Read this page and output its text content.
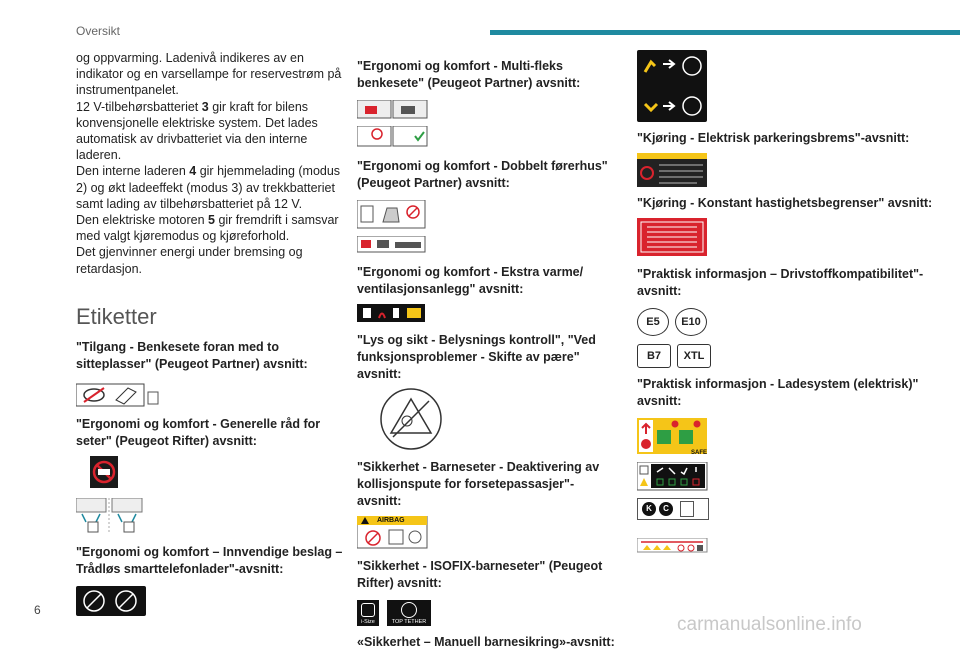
Oversikt

og oppvarming. Ladenivå indikeres av en indikator og en varsellampe for reservestrøm på instrumentpanelet.

12 V-tilbehørsbatteriet 3 gir kraft for bilens konvensjonelle elektriske system. Det lades automatisk av drivbatteriet via den interne laderen.

Den interne laderen 4 gir hjemmelading (modus 2) og økt ladeeffekt (modus 3) av trekkbatteriet samt lading av tilbehørsbatteriet på 12 V.

Den elektriske motoren 5 gir fremdrift i samsvar med valgt kjøremodus og kjøreforhold.

Det gjenvinner energi under bremsing og retardasjon.

Etiketter

"Tilgang - Benkesete foran med to sitteplasser" (Peugeot Partner) avsnitt:

"Ergonomi og komfort - Generelle råd for seter" (Peugeot Rifter) avsnitt:

"Ergonomi og komfort – Innvendige beslag – Trådløs smarttelefonlader"-avsnitt:

"Ergonomi og komfort - Multi-fleks benkesete" (Peugeot Partner) avsnitt:

"Ergonomi og komfort - Dobbelt førerhus" (Peugeot Partner) avsnitt:

"Ergonomi og komfort - Ekstra varme/ ventilasjonsanlegg" avsnitt:

"Lys og sikt - Belysnings kontroll", "Ved funksjonsproblemer - Skifte av pære" avsnitt:

"Sikkerhet - Barneseter - Deaktivering av kollisjonspute for forsetepassasjer"-avsnitt:

AIRBAG

"Sikkerhet - ISOFIX-barneseter" (Peugeot Rifter) avsnitt:

i-Size	TOP TETHER

«Sikkerhet – Manuell barnesikring»-avsnitt:

"Kjøring - Elektrisk parkeringsbrems"-avsnitt:

"Kjøring - Konstant hastighetsbegrenser" avsnitt:

"Praktisk informasjon – Drivstoffkompatibilitet"-avsnitt:

E5	E10
B7	XTL

"Praktisk informasjon - Ladesystem (elektrisk)" avsnitt:

SAFE
K	C
6
carmanualsonline.info
